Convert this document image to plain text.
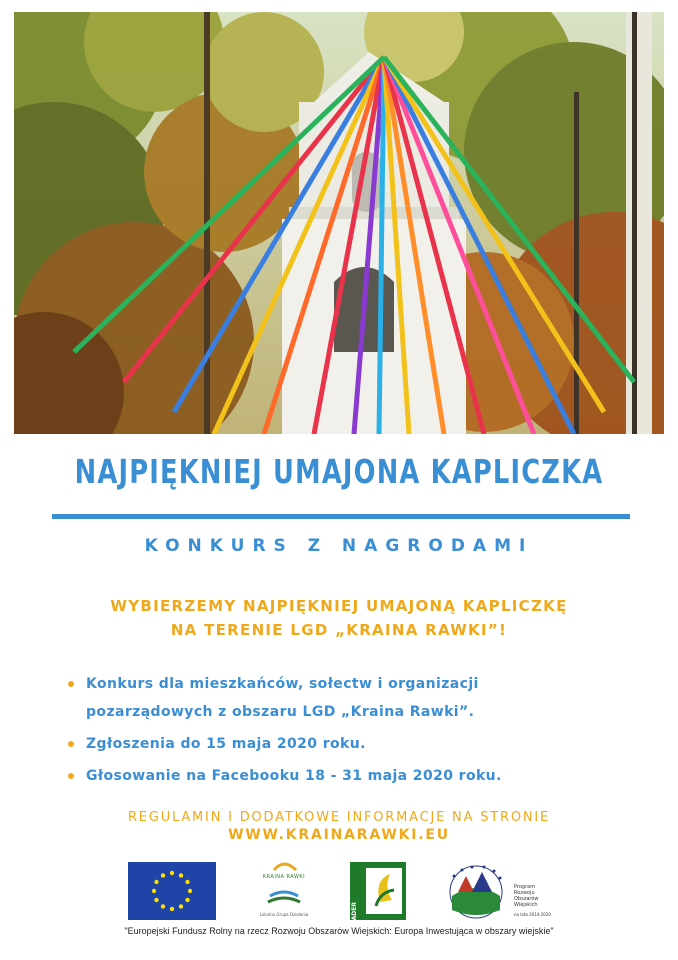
NAJPIĘKNIEJ UMAJONA KAPLICZKA
KONKURS Z NAGRODAMI
WYBIERZEMY NAJPIĘKNIEJ UMAJONĄ KAPLICZKĘ
NA TERENIE LGD „KRAINA RAWKI”!
Konkurs dla mieszkańców, sołectw i organizacji
pozarządowych z obszaru LGD „Kraina Rawki”.
Zgłoszenia do 15 maja 2020 roku.
Głosowanie na Facebooku 18 - 31 maja 2020 roku.
REGULAMIN I DODATKOWE INFORMACJE NA STRONIE
WWW.KRAINARAWKI.EU
KRAINA RAWKI
Lokalna Grupa Działania	LEADER
Program
Rozwoju
Obszarów
Wiejskich
na lata 2014-2020
"Europejski Fundusz Rolny na rzecz Rozwoju Obszarów Wiejskich: Europa Inwestująca w obszary wiejskie"
